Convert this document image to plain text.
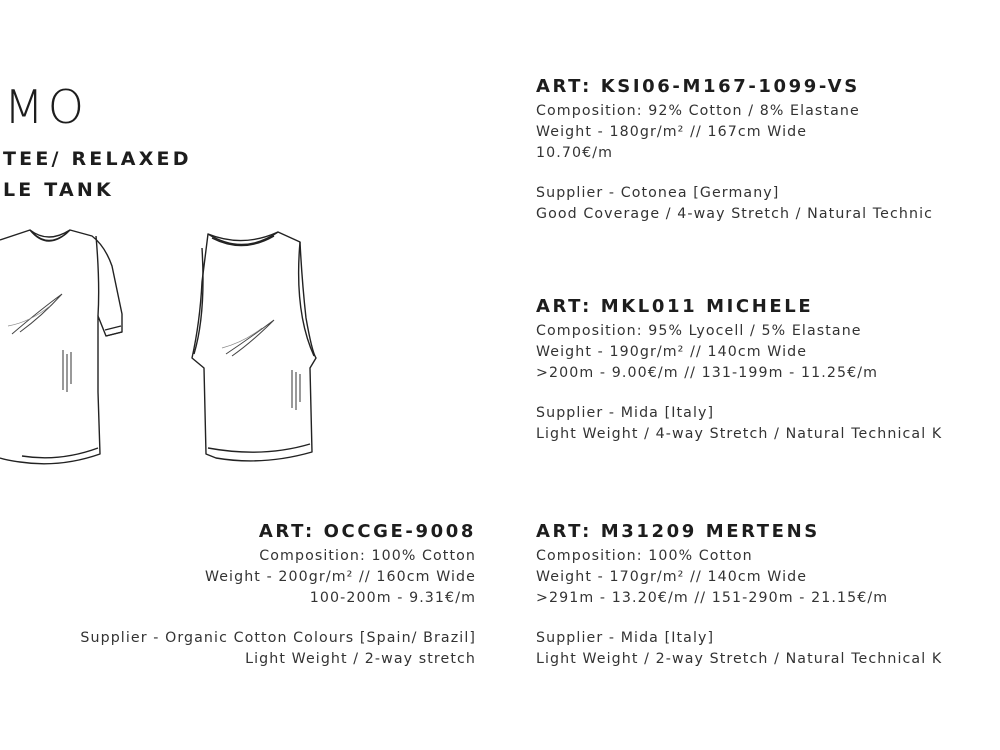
MO
TEE/ RELAXED
LE TANK
ART: KSI06-M167-1099-VS
Composition: 92% Cotton / 8% Elastane
Weight - 180gr/m² // 167cm Wide
10.70€/m
Supplier - Cotonea [Germany]
Good Coverage / 4-way Stretch / Natural Technic
ART: MKL011 MICHELE
Composition: 95% Lyocell / 5% Elastane
Weight - 190gr/m² // 140cm Wide
>200m - 9.00€/m // 131-199m - 11.25€/m
Supplier - Mida [Italy]
Light Weight / 4-way Stretch / Natural Technical K
ART: OCCGE-9008
Composition: 100% Cotton
Weight - 200gr/m² // 160cm Wide
100-200m - 9.31€/m
Supplier - Organic Cotton Colours [Spain/ Brazil]
Light Weight / 2-way stretch
ART: M31209 MERTENS
Composition: 100% Cotton
Weight - 170gr/m² // 140cm Wide
>291m - 13.20€/m // 151-290m - 21.15€/m
Supplier - Mida [Italy]
Light Weight / 2-way Stretch / Natural Technical K
